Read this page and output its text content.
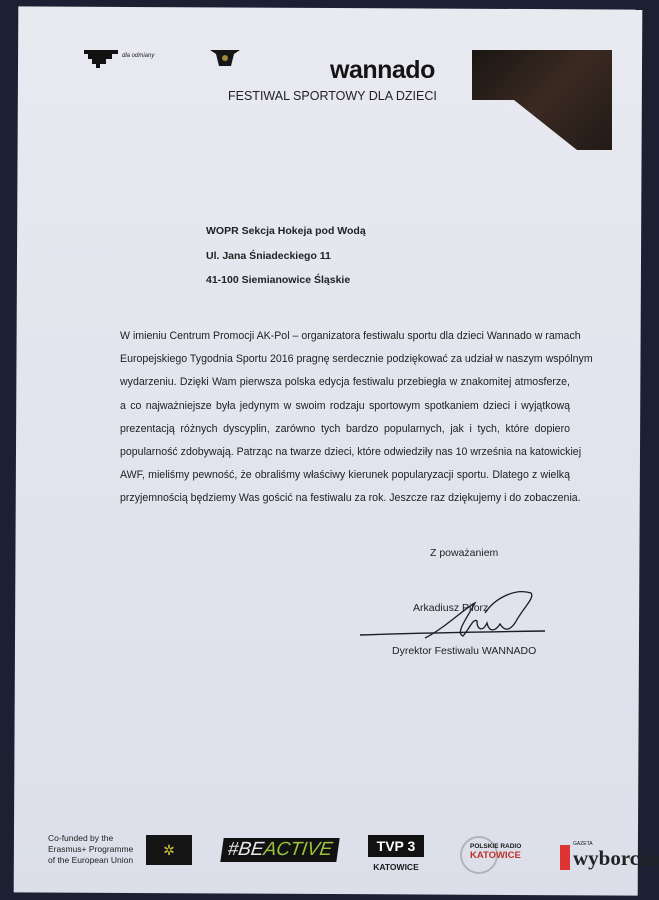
dla odmiany	wannado
FESTIWAL SPORTOWY DLA DZIECI
WOPR Sekcja Hokeja pod Wodą
Ul. Jana Śniadeckiego 11
41-100 Siemianowice Śląskie
W imieniu Centrum Promocji AK-Pol – organizatora festiwalu sportu dla dzieci Wannado w ramach
Europejskiego Tygodnia Sportu 2016 pragnę serdecznie podziękować za udział w naszym wspólnym
wydarzeniu. Dzięki Wam pierwsza polska edycja festiwalu przebiegła w znakomitej atmosferze,
a co najważniejsze była jedynym w swoim rodzaju sportowym spotkaniem dzieci i wyjątkową
prezentacją różnych dyscyplin, zarówno tych bardzo popularnych, jak i tych, które dopiero
popularność zdobywają. Patrząc na twarze dzieci, które odwiedziły nas 10 września na katowickiej
AWF, mieliśmy pewność, że obraliśmy właściwy kierunek popularyzacji sportu. Dlatego z wielką
przyjemnością będziemy Was gościć na festiwalu za rok. Jeszcze raz dziękujemy i do zobaczenia.
Z poważaniem
Arkadiusz Pilorz
Dyrektor Festiwalu WANNADO
Co-funded by the
Erasmus+ Programme
of the European Union
✲	#BEACTIVE	TVP 3
KATOWICE
POLSKIE RADIO
KATOWICE
GAZETA
wyborcza
